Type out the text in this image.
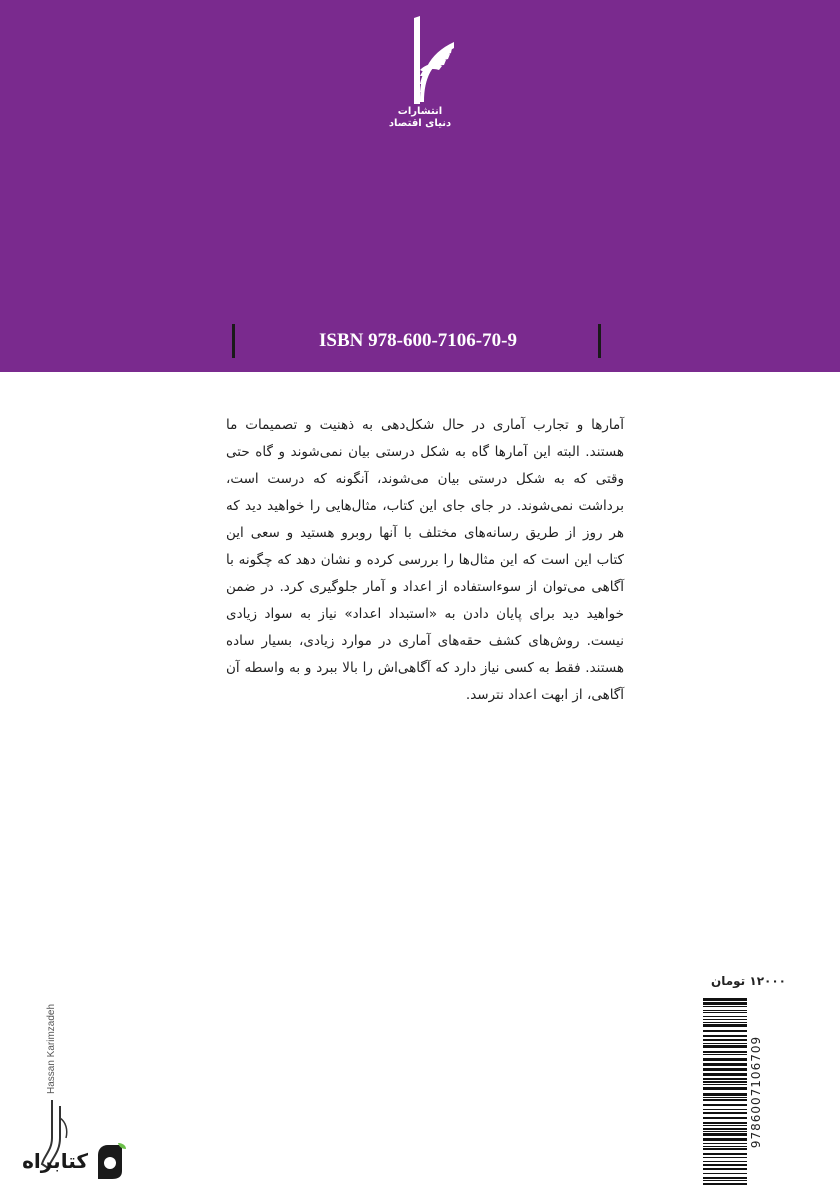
انتشارات
دنیای اقتصاد
ISBN 978-600-7106-70-9
آمارها و تجارب آماری در حال شکل‌دهی به ذهنیت و تصمیمات ما هستند. البته این آمارها گاه به شکل درستی بیان نمی‌شوند و گاه حتی وقتی که به شکل درستی بیان می‌شوند، آنگونه که درست است، برداشت نمی‌شوند. در جای جای این کتاب، مثال‌هایی را خواهید دید که هر روز از طریق رسانه‌های مختلف با آنها روبرو هستید و سعی این کتاب این است که این مثال‌ها را بررسی کرده و نشان دهد که چگونه با آگاهی می‌توان از سوءاستفاده از اعداد و آمار جلوگیری کرد. در ضمن خواهید دید برای پایان دادن به «استبداد اعداد» نیاز به سواد زیادی نیست. روش‌های کشف حقه‌های آماری در موارد زیادی، بسیار ساده هستند. فقط به کسی نیاز دارد که آگاهی‌اش را بالا ببرد و به واسطه آن آگاهی، از ابهت اعداد نترسد.
۱۲۰۰۰ تومان
9786007106709
Hassan Karimzadeh
کتابراه
